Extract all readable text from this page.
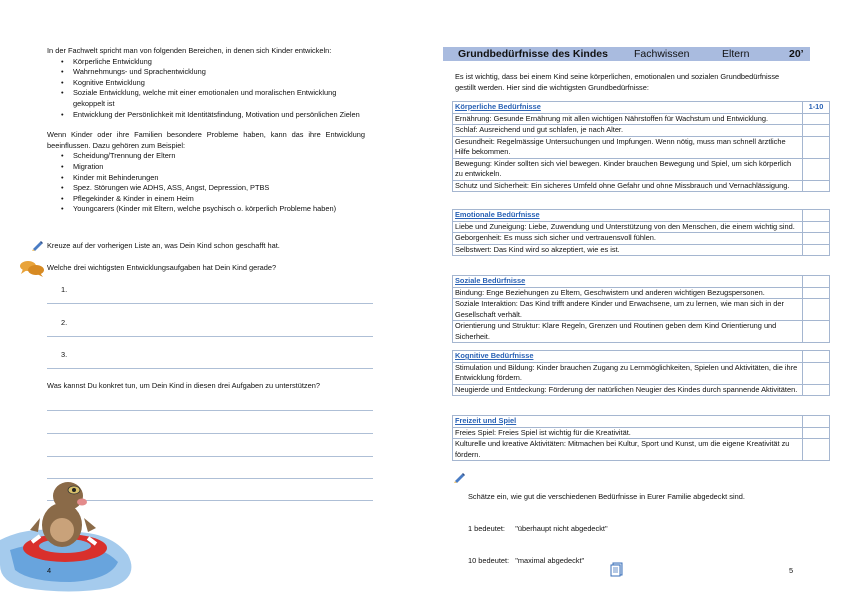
In der Fachwelt spricht man von folgenden Bereichen, in denen sich Kinder entwickeln:
• Körperliche Entwicklung
• Wahrnehmungs- und Sprachentwicklung
• Kognitive Entwicklung
• Soziale Entwicklung, welche mit einer emotionalen und moralischen Entwicklung gekoppelt ist
• Entwicklung der Persönlichkeit mit Identitätsfindung, Motivation und persönlichen Zielen
Wenn Kinder oder ihre Familien besondere Probleme haben, kann das ihre Entwicklung beeinflussen. Dazu gehören zum Beispiel:
• Scheidung/Trennung der Eltern
• Migration
• Kinder mit Behinderungen
• Spez. Störungen wie ADHS, ASS, Angst, Depression, PTBS
• Pflegekinder & Kinder in einem Heim
• Youngcarers (Kinder mit Eltern, welche psychisch o. körperlich Probleme haben)
Kreuze auf der vorherigen Liste an, was Dein Kind schon geschafft hat.
Welche drei wichtigsten Entwicklungsaufgaben hat Dein Kind gerade?
1.
2.
3.
Was kannst Du konkret tun, um Dein Kind in diesen drei Aufgaben zu unterstützen?
4
Grundbedürfnisse des Kindes Fachwissen	Eltern	20’
Es ist wichtig, dass bei einem Kind seine körperlichen, emotionalen und sozialen Grundbedürfnisse gestillt werden. Hier sind die wichtigsten Grundbedürfnisse:
Körperliche Bedürfnisse	1-10
Ernährung: Gesunde Ernährung mit allen wichtigen Nährstoffen für Wachstum und Entwicklung.	
Schlaf: Ausreichend und gut schlafen, je nach Alter.	
Gesundheit: Regelmässige Untersuchungen und Impfungen. Wenn nötig, muss man schnell ärztliche Hilfe bekommen.	
Bewegung: Kinder sollten sich viel bewegen. Kinder brauchen Bewegung und Spiel, um sich körperlich zu entwickeln.	
Schutz und Sicherheit: Ein sicheres Umfeld ohne Gefahr und ohne Missbrauch und Vernachlässigung.	
Emotionale Bedürfnisse	
Liebe und Zuneigung: Liebe, Zuwendung und Unterstützung von den Menschen, die einem wichtig sind.	
Geborgenheit: Es muss sich sicher und vertrauensvoll fühlen.	
Selbstwert: Das Kind wird so akzeptiert, wie es ist.	
Soziale Bedürfnisse	
Bindung: Enge Beziehungen zu Eltern, Geschwistern und anderen wichtigen Bezugspersonen.	
Soziale Interaktion: Das Kind trifft andere Kinder und Erwachsene, um zu lernen, wie man sich in der Gesellschaft verhält.	
Orientierung und Struktur: Klare Regeln, Grenzen und Routinen geben dem Kind Orientierung und Sicherheit.	
Kognitive Bedürfnisse	
Stimulation und Bildung: Kinder brauchen Zugang zu Lernmöglichkeiten, Spielen und Aktivitäten, die ihre Entwicklung fördern.	
Neugierde und Entdeckung: Förderung der natürlichen Neugier des Kindes durch spannende Aktivitäten.	
Freizeit und Spiel	
Freies Spiel: Freies Spiel ist wichtig für die Kreativität.	
Kulturelle und kreative Aktivitäten: Mitmachen bei Kultur, Sport und Kunst, um die eigene Kreativität zu fördern.	

Schätze ein, wie gut die verschiedenen Bedürfnisse in Eurer Familie abgedeckt sind.

1 bedeutet:     "überhaupt nicht abgedeckt"

10 bedeutet:   "maximal abgedeckt"

5
